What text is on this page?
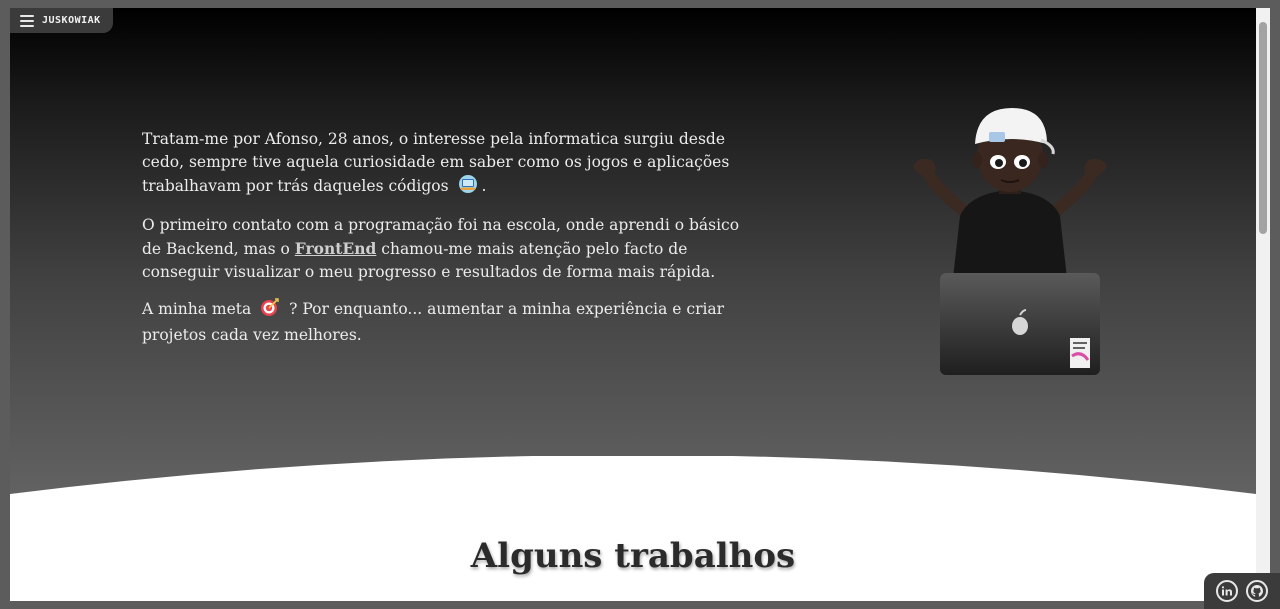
JUSKOWIAK

Tratam-me por Afonso, 28 anos, o interesse pela informatica surgiu desde cedo, sempre tive aquela curiosidade em saber como os jogos e aplicações trabalhavam por trás daqueles códigos .

O primeiro contato com a programação foi na escola, onde aprendi o básico de Backend, mas o FrontEnd chamou-me mais atenção pelo facto de conseguir visualizar o meu progresso e resultados de forma mais rápida.

A minha meta ? Por enquanto... aumentar a minha experiência e criar projetos cada vez melhores.

Alguns trabalhos
